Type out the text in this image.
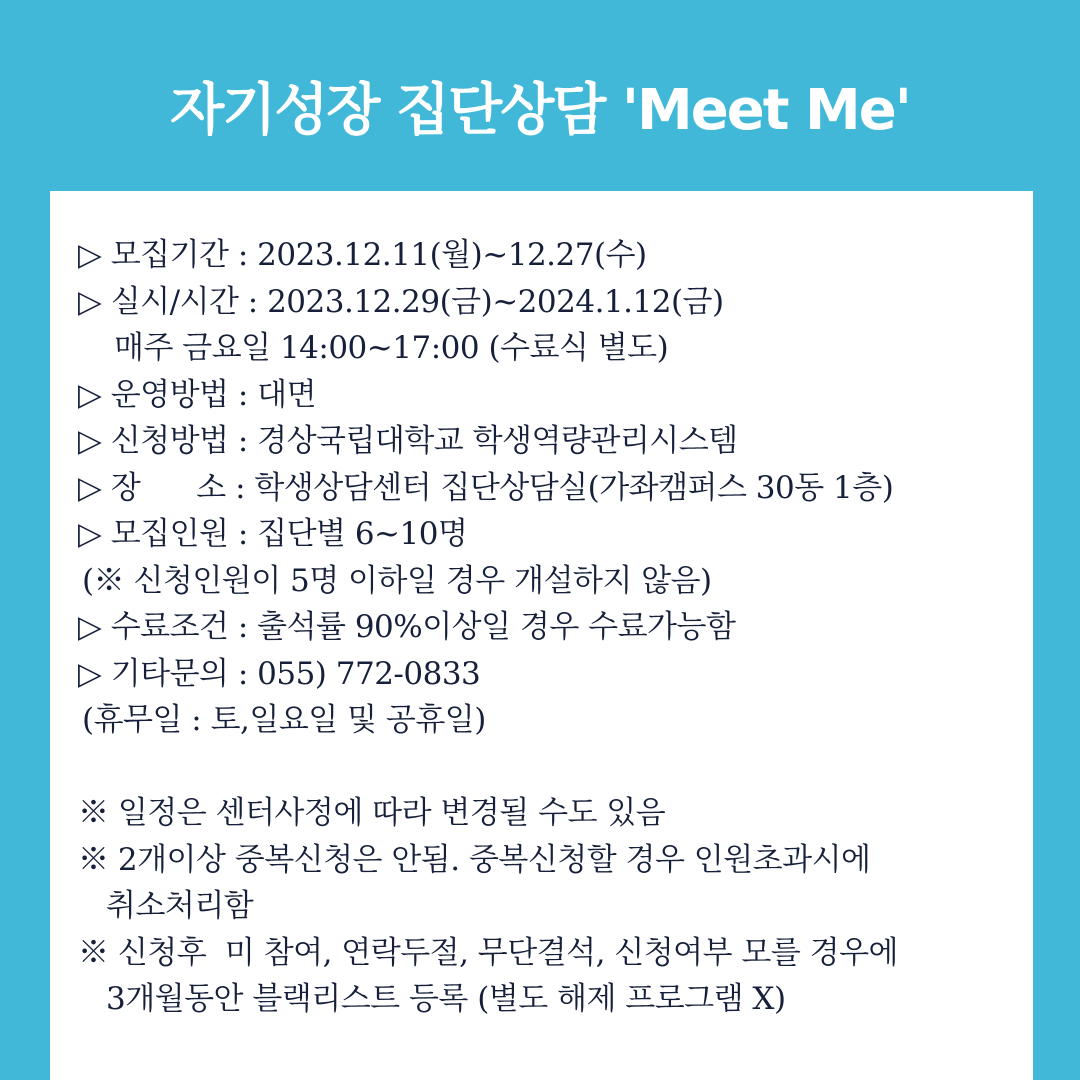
자기성장 집단상담 'Meet Me'
▷ 모집기간 : 2023.12.11(월)~12.27(수)
▷ 실시/시간 : 2023.12.29(금)~2024.1.12(금)
매주 금요일 14:00~17:00 (수료식 별도)
▷ 운영방법 : 대면
▷ 신청방법 : 경상국립대학교 학생역량관리시스템
▷ 장      소 : 학생상담센터 집단상담실(가좌캠퍼스 30동 1층)
▷ 모집인원 : 집단별 6~10명
(※ 신청인원이 5명 이하일 경우 개설하지 않음)
▷ 수료조건 : 출석률 90%이상일 경우 수료가능함
▷ 기타문의 : 055) 772-0833
(휴무일 : 토,일요일 및 공휴일)
※ 일정은 센터사정에 따라 변경될 수도 있음
※ 2개이상 중복신청은 안됨. 중복신청할 경우 인원초과시에
취소처리함
※ 신청후  미 참여, 연락두절, 무단결석, 신청여부 모를 경우에
3개월동안 블랙리스트 등록 (별도 해제 프로그램 X)
